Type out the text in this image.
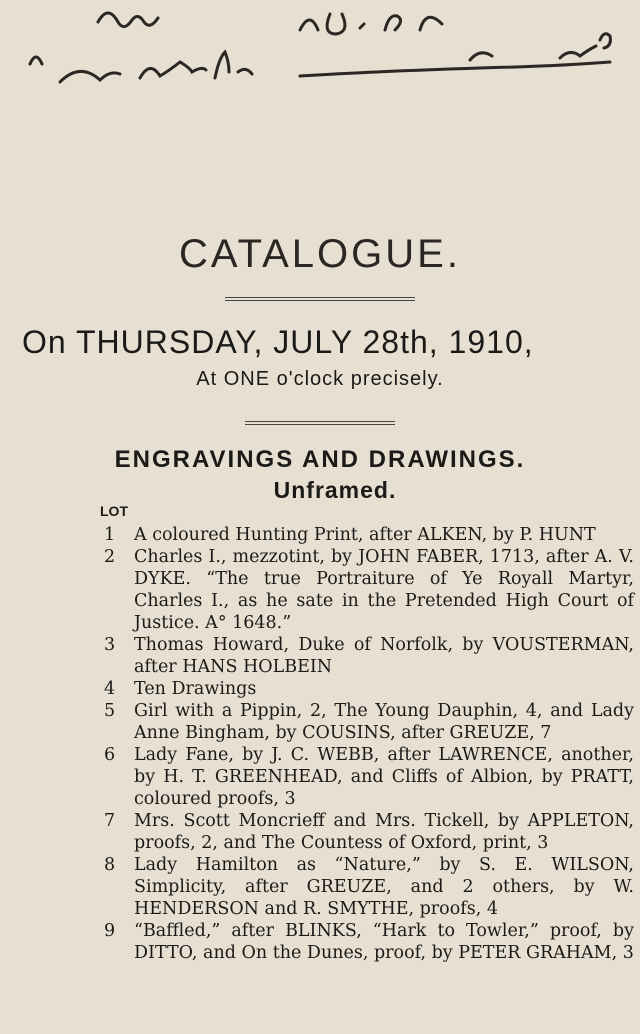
CATALOGUE.
On THURSDAY, JULY 28th, 1910,
At ONE o'clock precisely.
ENGRAVINGS AND DRAWINGS.
Unframed.
LOT
1	A coloured Hunting Print, after ALKEN, by P. HUNT
2	Charles I., mezzotint, by JOHN FABER, 1713, after A. V. DYKE. “The true Portraiture of Ye Royall Martyr, Charles I., as he sate in the Pretended High Court of Justice. A° 1648.”
3	Thomas Howard, Duke of Norfolk, by VOUSTERMAN, after HANS HOLBEIN
4	Ten Drawings
5	Girl with a Pippin, 2, The Young Dauphin, 4, and Lady Anne Bingham, by COUSINS, after GREUZE, 7
6	Lady Fane, by J. C. WEBB, after LAWRENCE, another, by H. T. GREENHEAD, and Cliffs of Albion, by PRATT, coloured proofs, 3
7	Mrs. Scott Moncrieff and Mrs. Tickell, by APPLETON, proofs, 2, and The Countess of Oxford, print, 3
8	Lady Hamilton as “Nature,” by S. E. WILSON, Simplicity, after GREUZE, and 2 others, by W. HENDERSON and R. SMYTHE, proofs, 4
9	“Baffled,” after BLINKS, “Hark to Towler,” proof, by DITTO, and On the Dunes, proof, by PETER GRAHAM, 3
